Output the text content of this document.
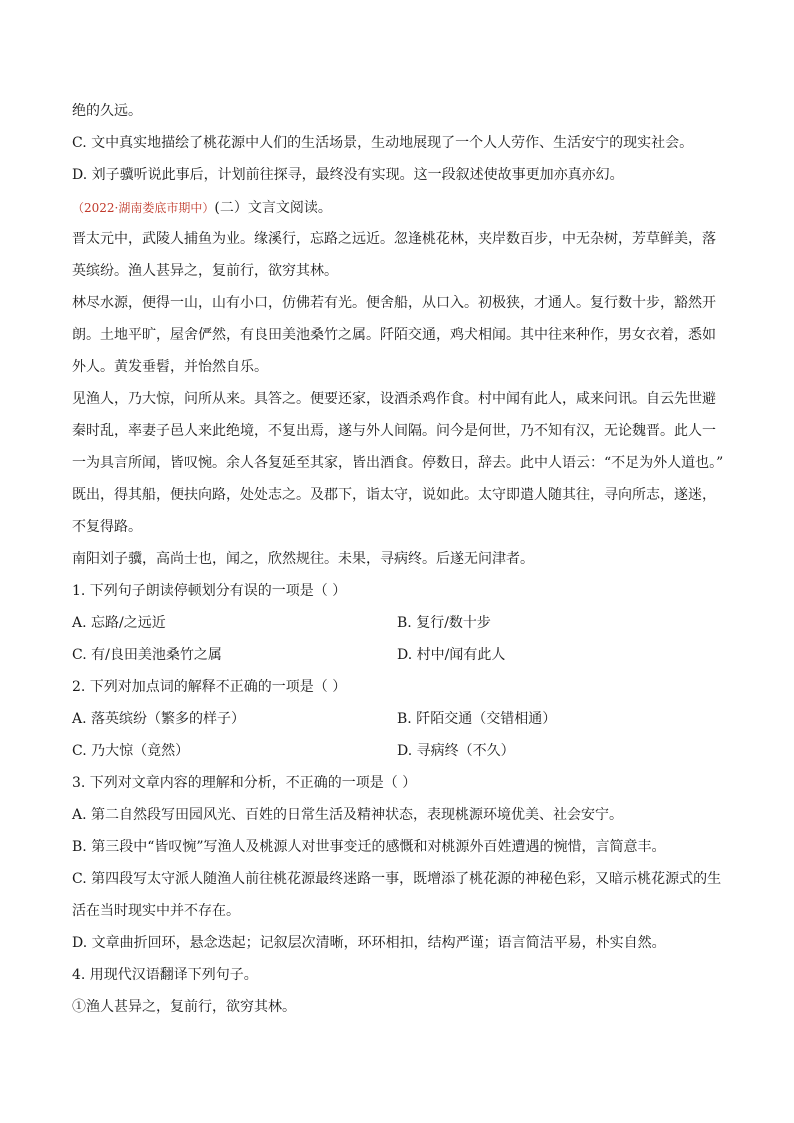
绝的久远。
C. 文中真实地描绘了桃花源中人们的生活场景，生动地展现了一个人人劳作、生活安宁的现实社会。
D. 刘子骥听说此事后，计划前往探寻，最终没有实现。这一段叙述使故事更加亦真亦幻。
（2022·湖南娄底市期中）(二）文言文阅读。
晋太元中，武陵人捕鱼为业。缘溪行，忘路之远近。忽逢桃花林，夹岸数百步，中无杂树，芳草鲜美，落
英缤纷。渔人甚异之，复前行，欲穷其林。
林尽水源，便得一山，山有小口，仿佛若有光。便舍船，从口入。初极狭，才通人。复行数十步，豁然开
朗。土地平旷，屋舍俨然，有良田美池桑竹之属。阡陌交通，鸡犬相闻。其中往来种作，男女衣着，悉如
外人。黄发垂髫，并怡然自乐。
见渔人，乃大惊，问所从来。具答之。便要还家，设酒杀鸡作食。村中闻有此人，咸来问讯。自云先世避
秦时乱，率妻子邑人来此绝境，不复出焉，遂与外人间隔。问今是何世，乃不知有汉，无论魏晋。此人一
一为具言所闻，皆叹惋。余人各复延至其家，皆出酒食。停数日，辞去。此中人语云：“不足为外人道也。”
既出，得其船，便扶向路，处处志之。及郡下，诣太守，说如此。太守即遣人随其往，寻向所志，遂迷，
不复得路。
南阳刘子骥，高尚士也，闻之，欣然规往。未果，寻病终。后遂无问津者。
1. 下列句子朗读停顿划分有误的一项是（ ）
A. 忘路/之远近	B. 复行/数十步
C. 有/良田美池桑竹之属	D. 村中/闻有此人
2. 下列对加点词的解释不正确的一项是（ ）
A. 落英缤纷（繁多的样子）	B. 阡陌交通（交错相通）
C. 乃大惊（竟然）	D. 寻病终（不久）
3. 下列对文章内容的理解和分析，不正确的一项是（ ）
A. 第二自然段写田园风光、百姓的日常生活及精神状态，表现桃源环境优美、社会安宁。
B. 第三段中“皆叹惋”写渔人及桃源人对世事变迁的感慨和对桃源外百姓遭遇的惋惜，言简意丰。
C. 第四段写太守派人随渔人前往桃花源最终迷路一事，既增添了桃花源的神秘色彩，又暗示桃花源式的生
活在当时现实中并不存在。
D. 文章曲折回环，悬念迭起；记叙层次清晰，环环相扣，结构严谨；语言简洁平易，朴实自然。
4. 用现代汉语翻译下列句子。
①渔人甚异之，复前行，欲穷其林。
